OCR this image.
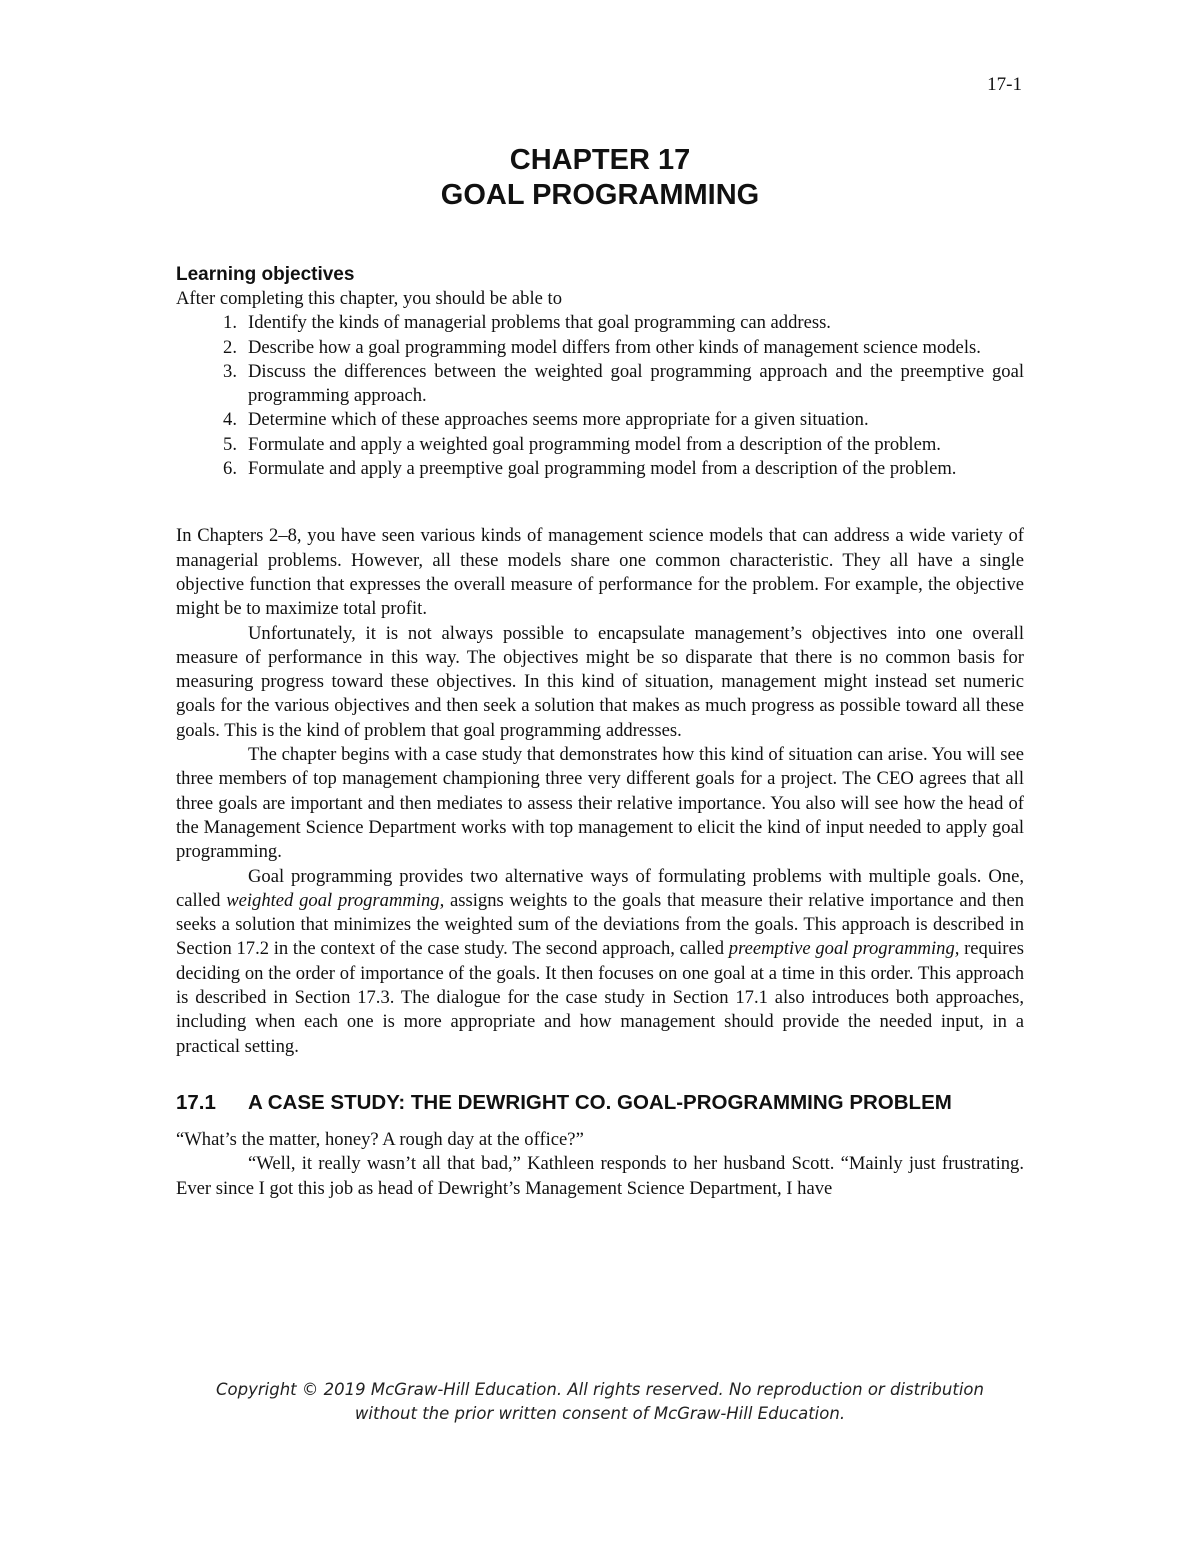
17-1
CHAPTER 17
GOAL PROGRAMMING
Learning objectives

After completing this chapter, you should be able to

1. Identify the kinds of managerial problems that goal programming can address.
2. Describe how a goal programming model differs from other kinds of management science models.
3. Discuss the differences between the weighted goal programming approach and the preemptive goal programming approach.
4. Determine which of these approaches seems more appropriate for a given situation.
5. Formulate and apply a weighted goal programming model from a description of the problem.
6. Formulate and apply a preemptive goal programming model from a description of the problem.

In Chapters 2–8, you have seen various kinds of management science models that can address a wide variety of managerial problems. However, all these models share one common characteristic. They all have a single objective function that expresses the overall measure of performance for the problem. For example, the objective might be to maximize total profit.

Unfortunately, it is not always possible to encapsulate management’s objectives into one overall measure of performance in this way. The objectives might be so disparate that there is no common basis for measuring progress toward these objectives. In this kind of situation, management might instead set numeric goals for the various objectives and then seek a solution that makes as much progress as possible toward all these goals. This is the kind of problem that goal programming addresses.

The chapter begins with a case study that demonstrates how this kind of situation can arise. You will see three members of top management championing three very different goals for a project. The CEO agrees that all three goals are important and then mediates to assess their relative importance. You also will see how the head of the Management Science Department works with top management to elicit the kind of input needed to apply goal programming.

Goal programming provides two alternative ways of formulating problems with multiple goals. One, called weighted goal programming, assigns weights to the goals that measure their relative importance and then seeks a solution that minimizes the weighted sum of the deviations from the goals. This approach is described in Section 17.2 in the context of the case study. The second approach, called preemptive goal programming, requires deciding on the order of importance of the goals. It then focuses on one goal at a time in this order. This approach is described in Section 17.3. The dialogue for the case study in Section 17.1 also introduces both approaches, including when each one is more appropriate and how management should provide the needed input, in a practical setting.

17.1	A CASE STUDY: THE DEWRIGHT CO. GOAL-PROGRAMMING PROBLEM

“What’s the matter, honey? A rough day at the office?”

“Well, it really wasn’t all that bad,” Kathleen responds to her husband Scott. “Mainly just frustrating. Ever since I got this job as head of Dewright’s Management Science Department, I have

Copyright © 2019 McGraw-Hill Education. All rights reserved. No reproduction or distribution
without the prior written consent of McGraw-Hill Education.
